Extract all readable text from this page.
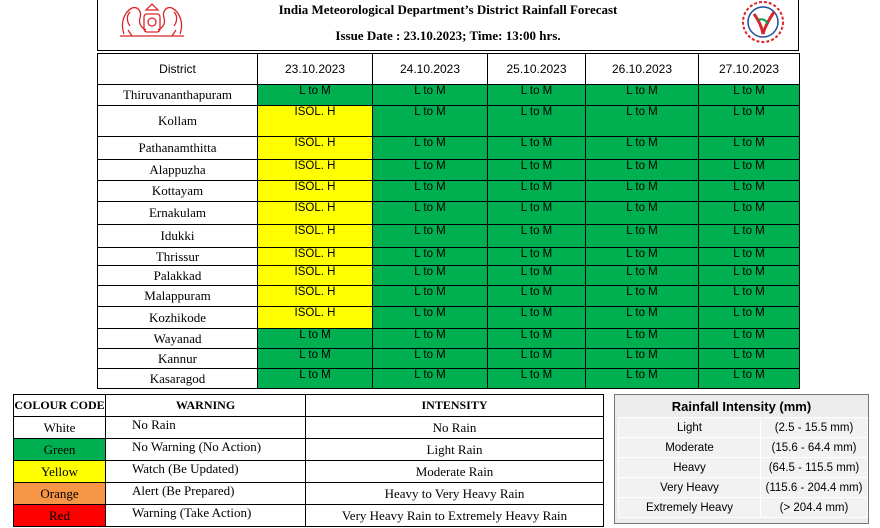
India Meteorological Department’s District Rainfall Forecast
Issue Date : 23.10.2023; Time: 13:00 hrs.
District	23.10.2023	24.10.2023	25.10.2023	26.10.2023	27.10.2023
Thiruvananthapuram	L to M	L to M	L to M	L to M	L to M
Kollam	ISOL. H	L to M	L to M	L to M	L to M
Pathanamthitta	ISOL. H	L to M	L to M	L to M	L to M
Alappuzha	ISOL. H	L to M	L to M	L to M	L to M
Kottayam	ISOL. H	L to M	L to M	L to M	L to M
Ernakulam	ISOL. H	L to M	L to M	L to M	L to M
Idukki	ISOL. H	L to M	L to M	L to M	L to M
Thrissur	ISOL. H	L to M	L to M	L to M	L to M
Palakkad	ISOL. H	L to M	L to M	L to M	L to M
Malappuram	ISOL. H	L to M	L to M	L to M	L to M
Kozhikode	ISOL. H	L to M	L to M	L to M	L to M
Wayanad	L to M	L to M	L to M	L to M	L to M
Kannur	L to M	L to M	L to M	L to M	L to M
Kasaragod	L to M	L to M	L to M	L to M	L to M
COLOUR CODE	WARNING	INTENSITY
White	No Rain	No Rain
Green	No Warning (No Action)	Light Rain
Yellow	Watch (Be Updated)	Moderate Rain
Orange	Alert (Be Prepared)	Heavy to Very Heavy Rain
Red	Warning (Take Action)	Very Heavy Rain to Extremely Heavy Rain
Rainfall Intensity (mm)
Light	(2.5 - 15.5 mm)
Moderate	(15.6 - 64.4 mm)
Heavy	(64.5 - 115.5 mm)
Very Heavy	(115.6 - 204.4 mm)
Extremely Heavy	(> 204.4 mm)
